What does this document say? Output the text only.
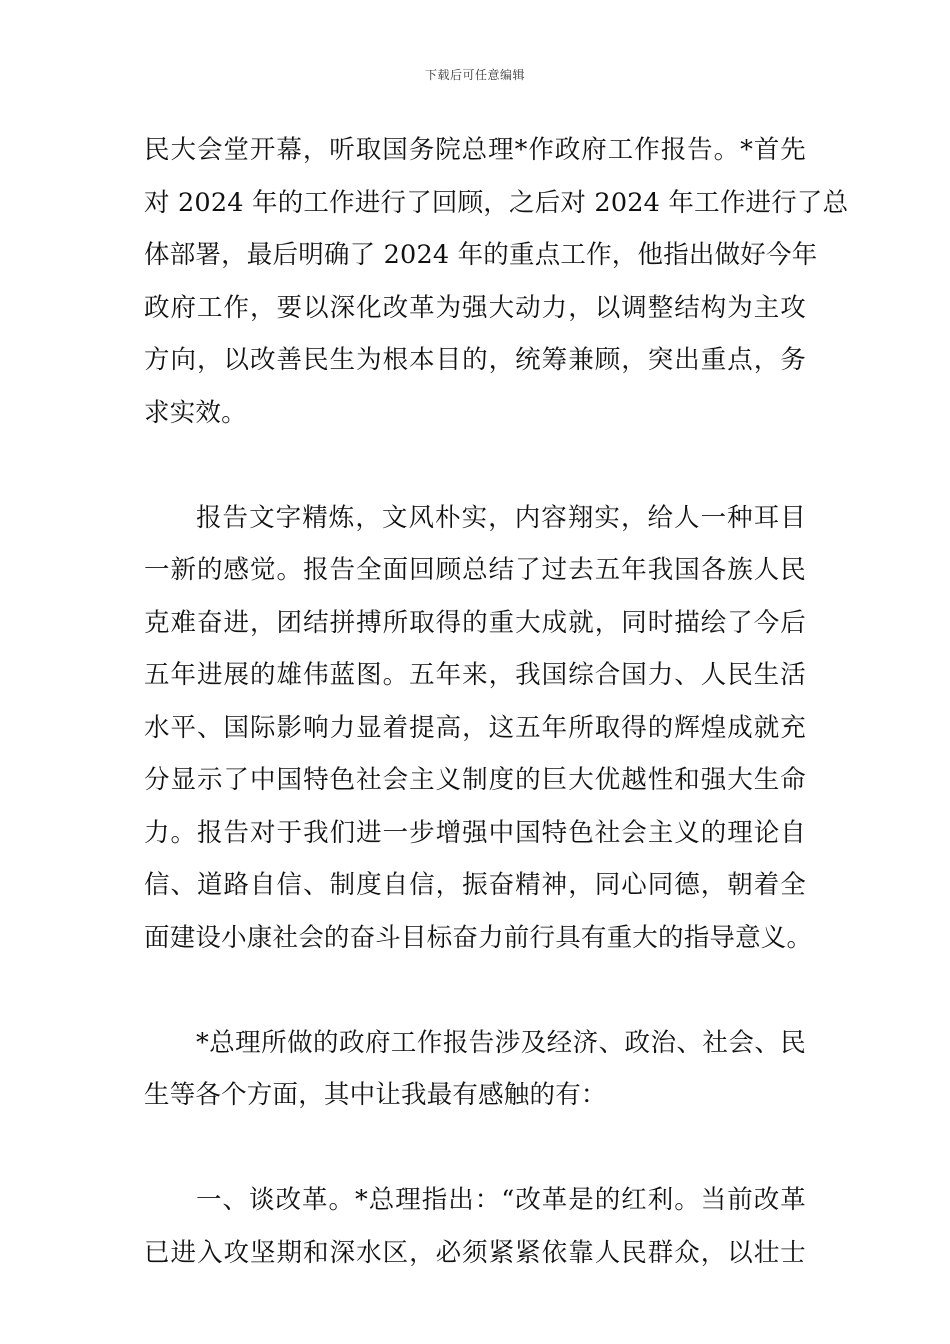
下载后可任意编辑

民大会堂开幕，听取国务院总理*作政府工作报告。*首先
对 2024 年的工作进行了回顾，之后对 2024 年工作进行了总
体部署，最后明确了 2024 年的重点工作，他指出做好今年
政府工作，要以深化改革为强大动力，以调整结构为主攻
方向，以改善民生为根本目的，统筹兼顾，突出重点，务
求实效。

报告文字精炼，文风朴实，内容翔实，给人一种耳目
一新的感觉。报告全面回顾总结了过去五年我国各族人民
克难奋进，团结拼搏所取得的重大成就，同时描绘了今后
五年进展的雄伟蓝图。五年来，我国综合国力、人民生活
水平、国际影响力显着提高，这五年所取得的辉煌成就充
分显示了中国特色社会主义制度的巨大优越性和强大生命
力。报告对于我们进一步增强中国特色社会主义的理论自
信、道路自信、制度自信，振奋精神，同心同德，朝着全
面建设小康社会的奋斗目标奋力前行具有重大的指导意义。

*总理所做的政府工作报告涉及经济、政治、社会、民
生等各个方面，其中让我最有感触的有：

一、谈改革。*总理指出：“改革是的红利。当前改革
已进入攻坚期和深水区，必须紧紧依靠人民群众，以壮士
